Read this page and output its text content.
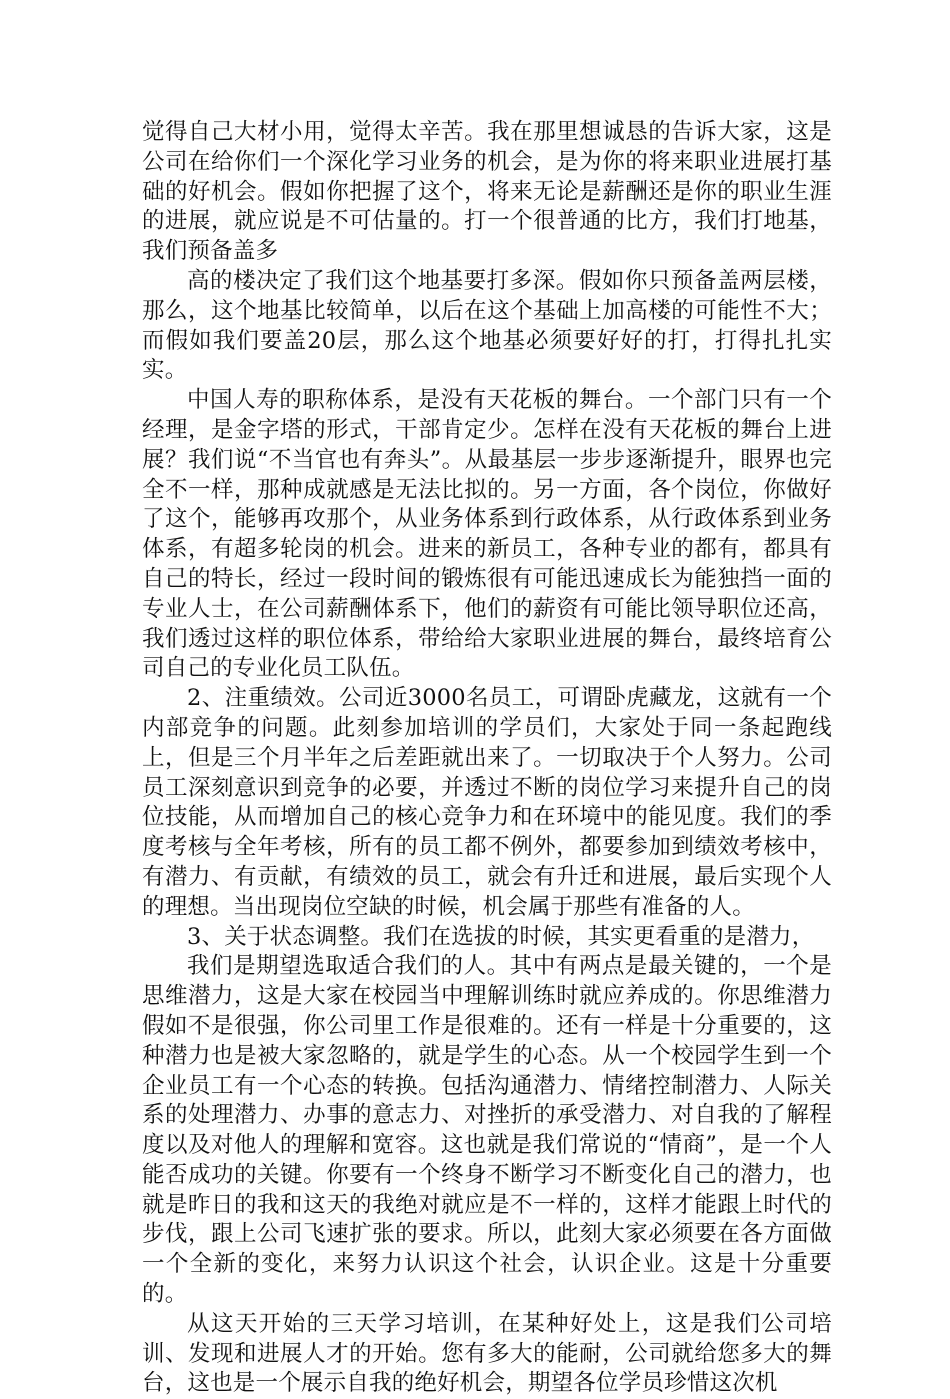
觉得自己大材小用，觉得太辛苦。我在那里想诚恳的告诉大家，这是公司在给你们一个深化学习业务的机会，是为你的将来职业进展打基础的好机会。假如你把握了这个，将来无论是薪酬还是你的职业生涯的进展，就应说是不可估量的。打一个很普通的比方，我们打地基，我们预备盖多

高的楼决定了我们这个地基要打多深。假如你只预备盖两层楼，那么，这个地基比较简单，以后在这个基础上加高楼的可能性不大；而假如我们要盖20层，那么这个地基必须要好好的打，打得扎扎实实。

中国人寿的职称体系，是没有天花板的舞台。一个部门只有一个经理，是金字塔的形式，干部肯定少。怎样在没有天花板的舞台上进展？我们说“不当官也有奔头”。从最基层一步步逐渐提升，眼界也完全不一样，那种成就感是无法比拟的。另一方面，各个岗位，你做好了这个，能够再攻那个，从业务体系到行政体系，从行政体系到业务体系，有超多轮岗的机会。进来的新员工，各种专业的都有，都具有自己的特长，经过一段时间的锻炼很有可能迅速成长为能独挡一面的专业人士，在公司薪酬体系下，他们的薪资有可能比领导职位还高，我们透过这样的职位体系，带给给大家职业进展的舞台，最终培育公司自己的专业化员工队伍。

2、注重绩效。公司近3000名员工，可谓卧虎藏龙，这就有一个内部竞争的问题。此刻参加培训的学员们，大家处于同一条起跑线上，但是三个月半年之后差距就出来了。一切取决于个人努力。公司员工深刻意识到竞争的必要，并透过不断的岗位学习来提升自己的岗位技能，从而增加自己的核心竞争力和在环境中的能见度。我们的季度考核与全年考核，所有的员工都不例外，都要参加到绩效考核中，有潜力、有贡献，有绩效的员工，就会有升迁和进展，最后实现个人的理想。当出现岗位空缺的时候，机会属于那些有准备的人。

3、关于状态调整。我们在选拔的时候，其实更看重的是潜力，

我们是期望选取适合我们的人。其中有两点是最关键的，一个是思维潜力，这是大家在校园当中理解训练时就应养成的。你思维潜力假如不是很强，你公司里工作是很难的。还有一样是十分重要的，这种潜力也是被大家忽略的，就是学生的心态。从一个校园学生到一个企业员工有一个心态的转换。包括沟通潜力、情绪控制潜力、人际关系的处理潜力、办事的意志力、对挫折的承受潜力、对自我的了解程度以及对他人的理解和宽容。这也就是我们常说的“情商”，是一个人能否成功的关键。你要有一个终身不断学习不断变化自己的潜力，也就是昨日的我和这天的我绝对就应是不一样的，这样才能跟上时代的步伐，跟上公司飞速扩张的要求。所以，此刻大家必须要在各方面做一个全新的变化，来努力认识这个社会，认识企业。这是十分重要的。

从这天开始的三天学习培训，在某种好处上，这是我们公司培训、发现和进展人才的开始。您有多大的能耐，公司就给您多大的舞台，这也是一个展示自我的绝好机会，期望各位学员珍惜这次机
